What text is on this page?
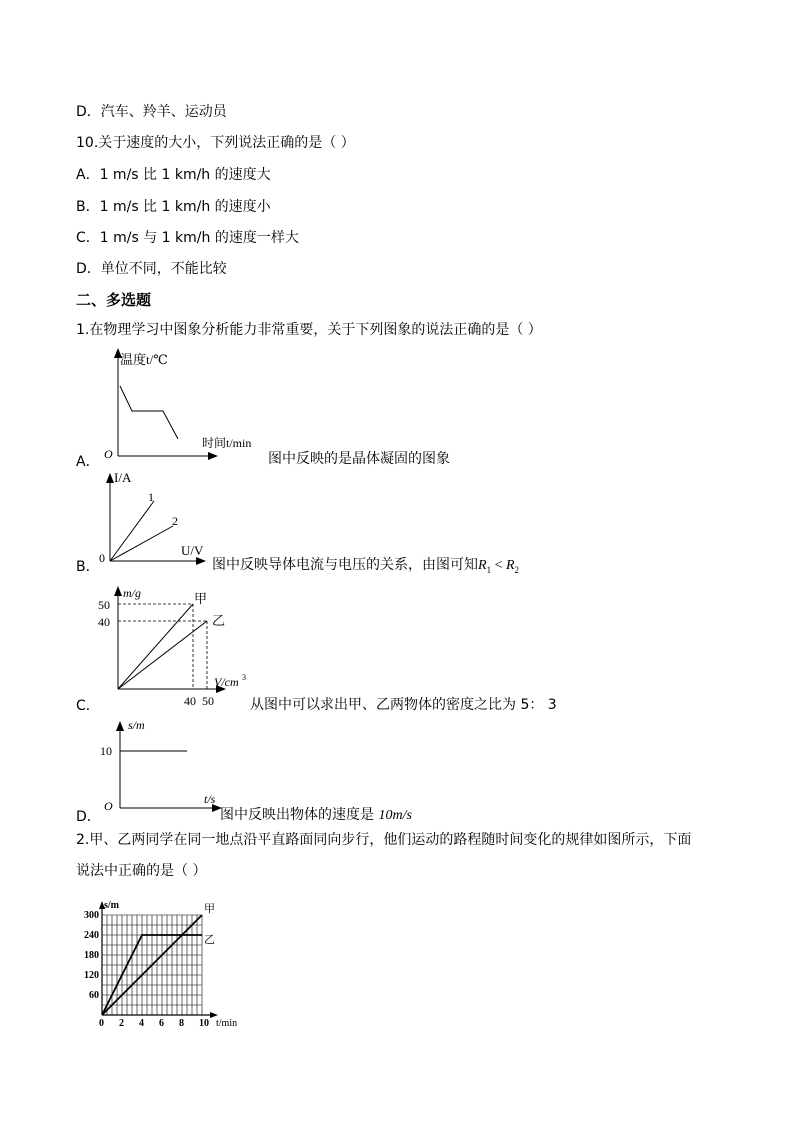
D．汽车、羚羊、运动员
10.关于速度的大小，下列说法正确的是（ ）
A．1 m/s 比 1 km/h 的速度大
B．1 m/s 比 1 km/h 的速度小
C．1 m/s 与 1 km/h 的速度一样大
D．单位不同，不能比较
二、多选题
1.在物理学习中图象分析能力非常重要，关于下列图象的说法正确的是（ ）
温度t/℃
时间t/min
O
A．	图中反映的是晶体凝固的图象
I/A
U/V
0
1
2
B．	图中反映导体电流与电压的关系，由图可知$R_1 < R_2$
m/g
V/cm 3
50
40
40 50
甲
乙
C．	从图中可以求出甲、乙两物体的密度之比为 5： 3
s/m
t/s
O
10
D．	图中反映出物体的速度是 10m/s
2.甲、乙两同学在同一地点沿平直路面同向步行，他们运动的路程随时间变化的规律如图所示，下面
说法中正确的是（ ）
0 2 4 6 8 10
60
120
180
240
300
甲
乙
s/m
t/min
